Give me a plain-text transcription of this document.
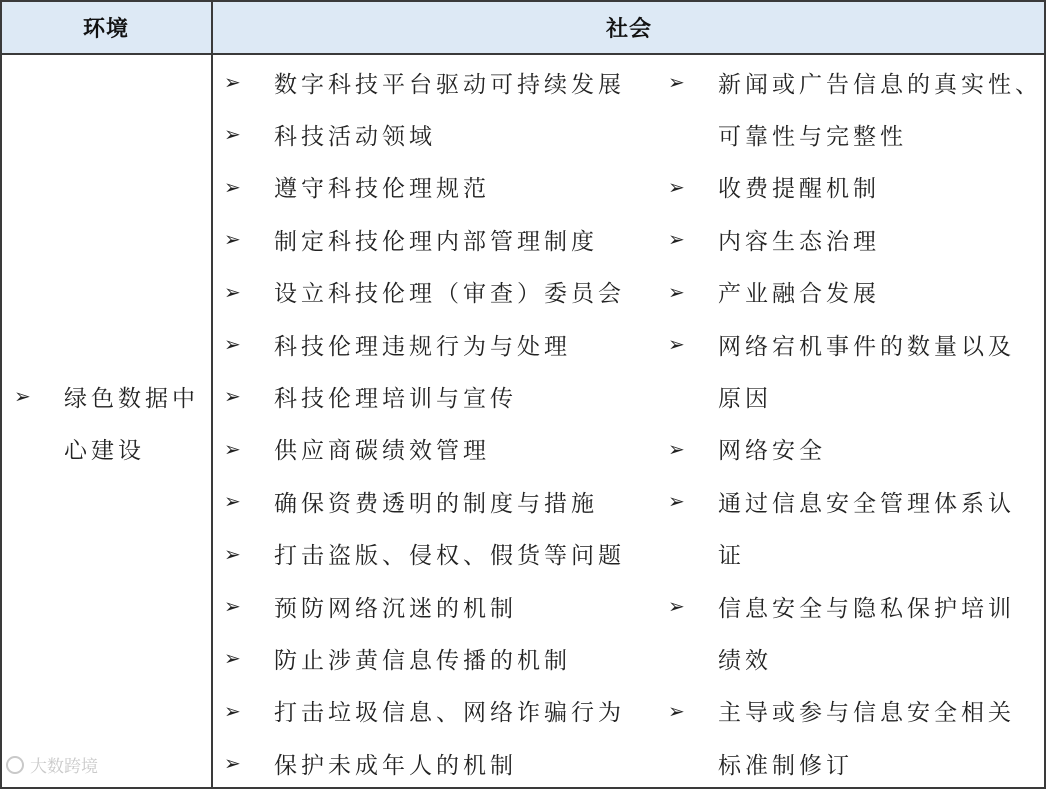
环境	社会
➢	绿色数据中
心建设
➢	数字科技平台驱动可持续发展
➢	科技活动领域
➢	遵守科技伦理规范
➢	制定科技伦理内部管理制度
➢	设立科技伦理（审查）委员会
➢	科技伦理违规行为与处理
➢	科技伦理培训与宣传
➢	供应商碳绩效管理
➢	确保资费透明的制度与措施
➢	打击盗版、侵权、假货等问题
➢	预防网络沉迷的机制
➢	防止涉黄信息传播的机制
➢	打击垃圾信息、网络诈骗行为
➢	保护未成年人的机制
➢	新闻或广告信息的真实性、
可靠性与完整性
➢	收费提醒机制
➢	内容生态治理
➢	产业融合发展
➢	网络宕机事件的数量以及
原因
➢	网络安全
➢	通过信息安全管理体系认
证
➢	信息安全与隐私保护培训
绩效
➢	主导或参与信息安全相关
标准制修订
大数跨境
